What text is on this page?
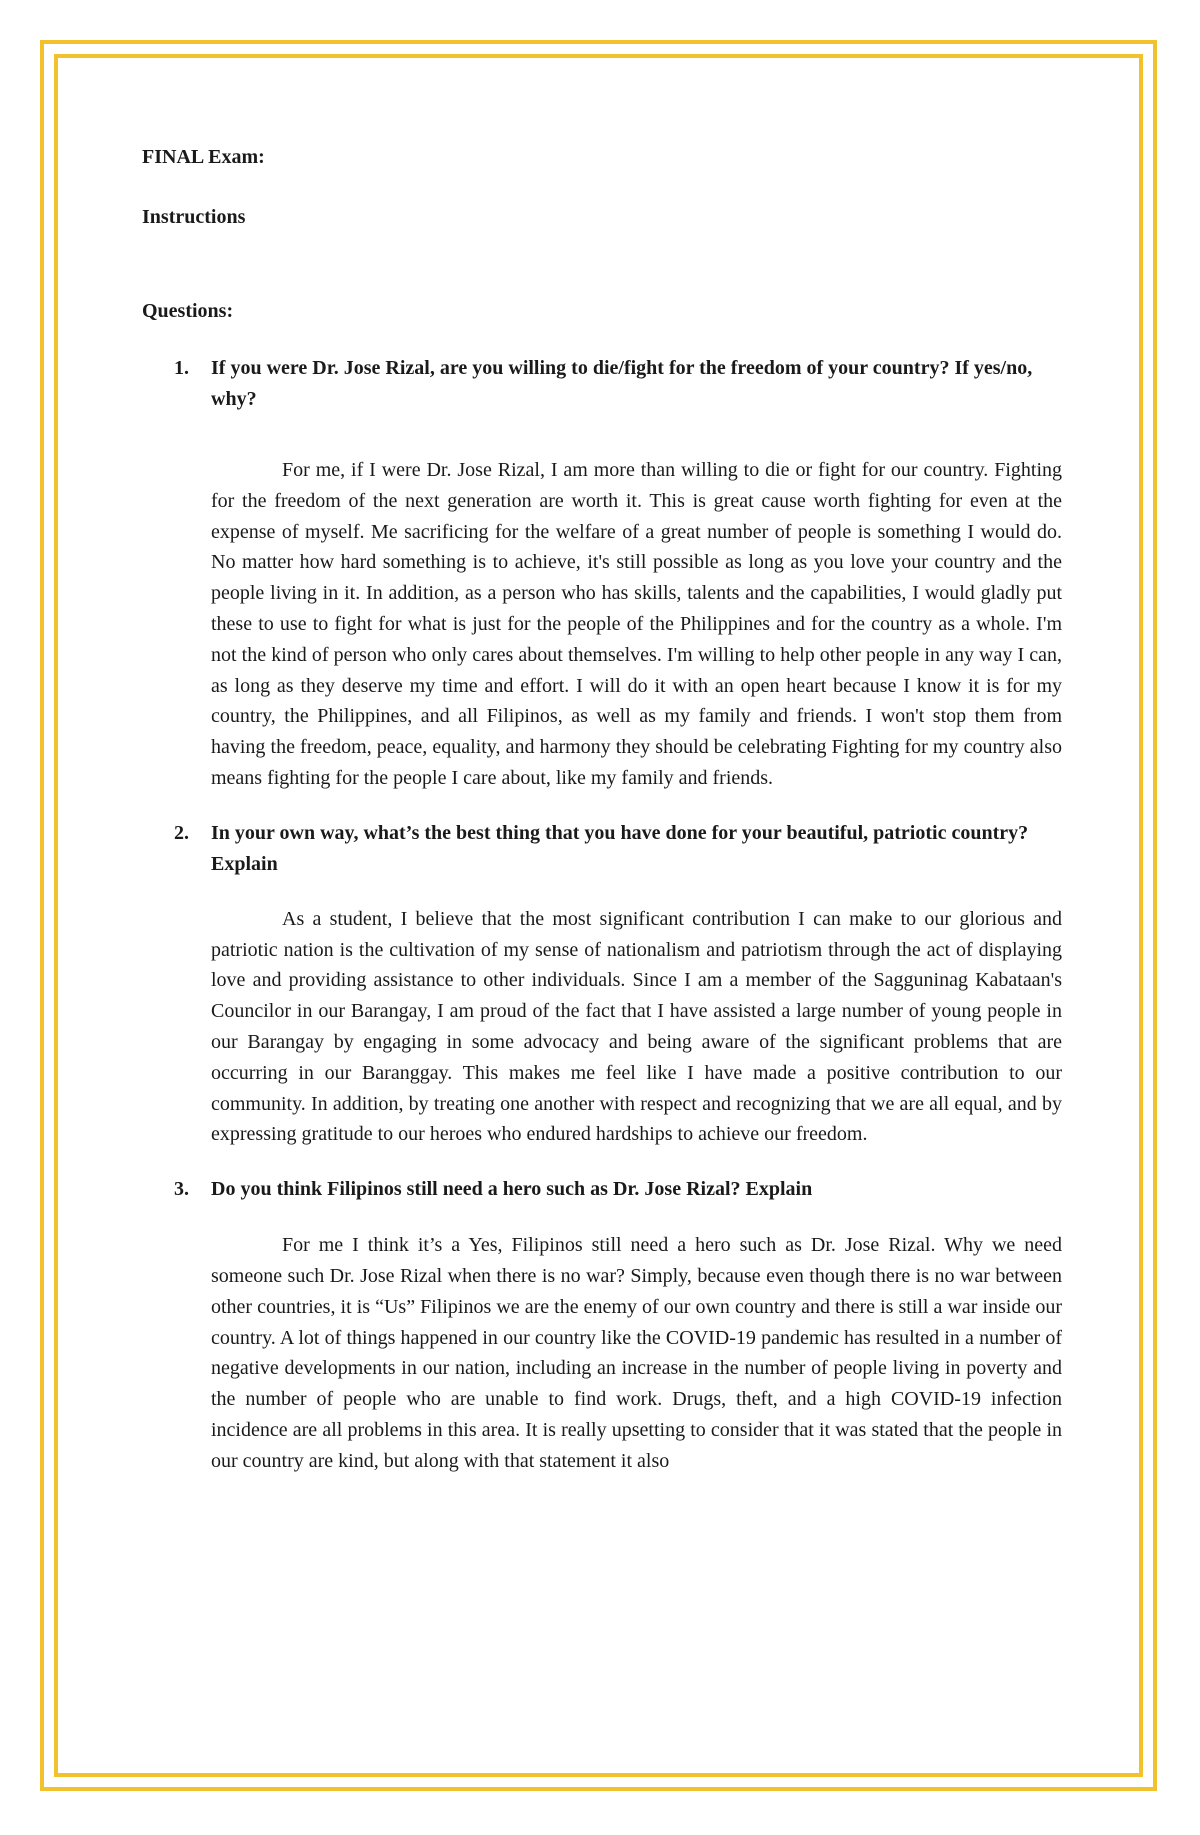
FINAL Exam:

Instructions

Questions:

1. If you were Dr. Jose Rizal, are you willing to die/fight for the freedom of your country? If yes/no, why?
For me, if I were Dr. Jose Rizal, I am more than willing to die or fight for our country. Fighting for the freedom of the next generation are worth it. This is great cause worth fighting for even at the expense of myself. Me sacrificing for the welfare of a great number of people is something I would do. No matter how hard something is to achieve, it's still possible as long as you love your country and the people living in it. In addition, as a person who has skills, talents and the capabilities, I would gladly put these to use to fight for what is just for the people of the Philippines and for the country as a whole. I'm not the kind of person who only cares about themselves. I'm willing to help other people in any way I can, as long as they deserve my time and effort. I will do it with an open heart because I know it is for my country, the Philippines, and all Filipinos, as well as my family and friends. I won't stop them from having the freedom, peace, equality, and harmony they should be celebrating Fighting for my country also means fighting for the people I care about, like my family and friends.
2. In your own way, what’s the best thing that you have done for your beautiful, patriotic country? Explain
As a student, I believe that the most significant contribution I can make to our glorious and patriotic nation is the cultivation of my sense of nationalism and patriotism through the act of displaying love and providing assistance to other individuals. Since I am a member of the Sagguninag Kabataan's Councilor in our Barangay, I am proud of the fact that I have assisted a large number of young people in our Barangay by engaging in some advocacy and being aware of the significant problems that are occurring in our Baranggay. This makes me feel like I have made a positive contribution to our community. In addition, by treating one another with respect and recognizing that we are all equal, and by expressing gratitude to our heroes who endured hardships to achieve our freedom.
3. Do you think Filipinos still need a hero such as Dr. Jose Rizal? Explain
For me I think it’s a Yes, Filipinos still need a hero such as Dr. Jose Rizal. Why we need someone such Dr. Jose Rizal when there is no war? Simply, because even though there is no war between other countries, it is “Us” Filipinos we are the enemy of our own country and there is still a war inside our country. A lot of things happened in our country like the COVID-19 pandemic has resulted in a number of negative developments in our nation, including an increase in the number of people living in poverty and the number of people who are unable to find work. Drugs, theft, and a high COVID-19 infection incidence are all problems in this area. It is really upsetting to consider that it was stated that the people in our country are kind, but along with that statement it also
